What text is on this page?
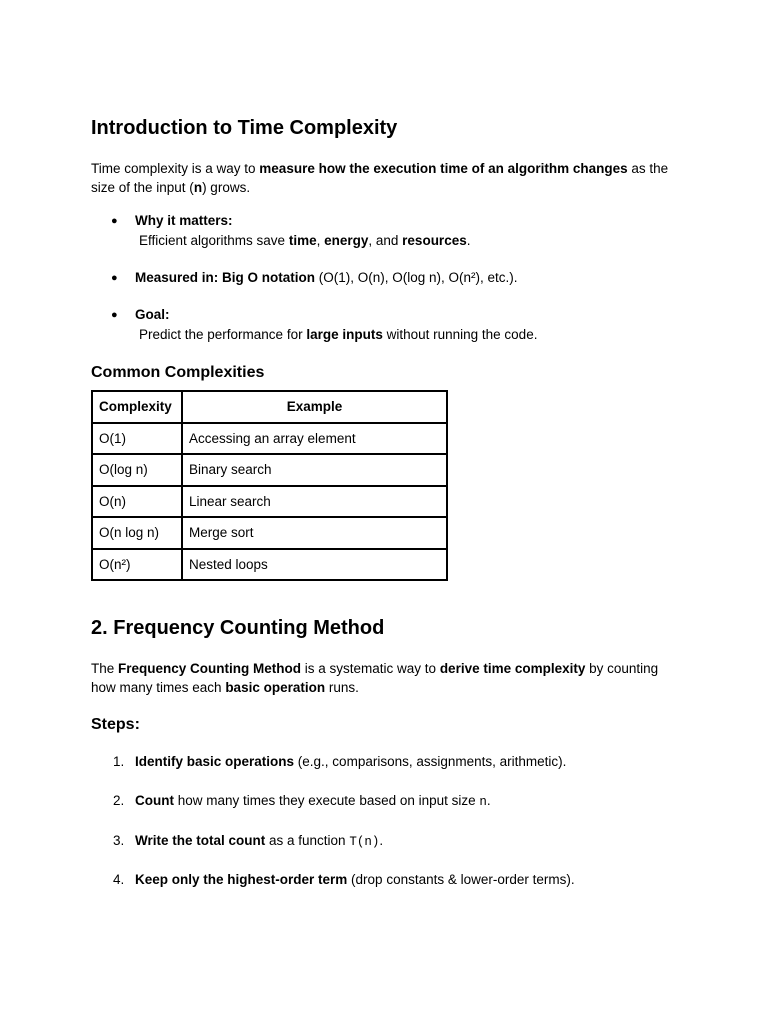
Introduction to Time Complexity

Time complexity is a way to measure how the execution time of an algorithm changes as the size of the input (n) grows.

● Why it matters:
Efficient algorithms save time, energy, and resources.
● Measured in: Big O notation (O(1), O(n), O(log n), O(n²), etc.).
● Goal:
Predict the performance for large inputs without running the code.
Common Complexities
Complexity	Example
O(1)	Accessing an array element
O(log n)	Binary search
O(n)	Linear search
O(n log n)	Merge sort
O(n²)	Nested loops
2. Frequency Counting Method

The Frequency Counting Method is a systematic way to derive time complexity by counting how many times each basic operation runs.

Steps:
1. Identify basic operations (e.g., comparisons, assignments, arithmetic).
2. Count how many times they execute based on input size n.
3. Write the total count as a function T(n).
4. Keep only the highest-order term (drop constants & lower-order terms).
